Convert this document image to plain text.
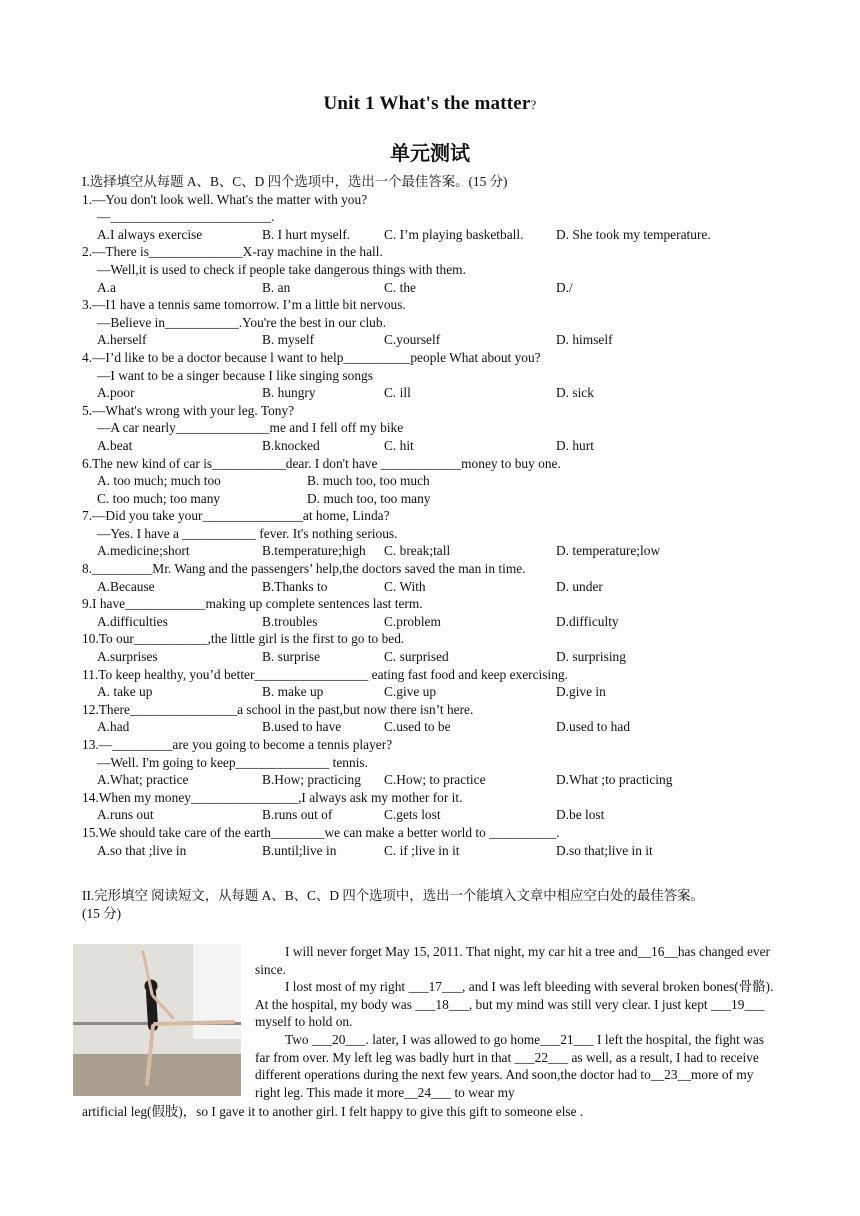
Unit 1 What's the matter?
单元测试
I.选择填空从每题 A、B、C、D 四个选项中，选出一个最佳答案。(15 分)
1.—You don't look well. What's the matter with you?
—________________________.
A.I always exercise	B. I hurt myself.	C. I’m playing basketball.	D. She took my temperature.
2.—There is______________X-ray machine in the hall.
—Well,it is used to check if people take dangerous things with them.
A.a	B. an	C. the	D./
3.—I1 have a tennis same tomorrow. I’m a little bit nervous.
—Believe in___________.You're the best in our club.
A.herself	B. myself	C.yourself	D. himself
4.—I’d like to be a doctor because l want to help__________people What about you?
—I want to be a singer because I like singing songs
A.poor	B. hungry	C. ill	D. sick
5.—What's wrong with your leg. Tony?
—A car nearly______________me and I fell off my bike
A.beat	B.knocked	C. hit	D. hurt
6.The new kind of car is___________dear. I don't have ____________money to buy one.
A. too much; much too	B. much too, too much
C. too much; too many	D. much too, too many
7.—Did you take your_______________at home, Linda?
—Yes. I have a ___________ fever. It's nothing serious.
A.medicine;short	B.temperature;high	C. break;tall	D. temperature;low
8._________Mr. Wang and the passengers’ help,the doctors saved the man in time.
A.Because	B.Thanks to	C. With	D. under
9.I have____________making up complete sentences last term.
A.difficulties	B.troubles	C.problem	D.difficulty
10.To our___________,the little girl is the first to go to bed.
A.surprises	B. surprise	C. surprised	D. surprising
11.To keep healthy, you’d better_________________ eating fast food and keep exercising.
A. take up	B. make up	C.give up	D.give in
12.There________________a school in the past,but now there isn’t here.
A.had	B.used to have	C.used to be	D.used to had
13.—_________are you going to become a tennis player?
—Well. I'm going to keep______________ tennis.
A.What; practice	B.How; practicing	C.How; to practice	D.What ;to practicing
14.When my money________________,I always ask my mother for it.
A.runs out	B.runs out of	C.gets lost	D.be lost
15.We should take care of the earth________we can make a better world to __________.
A.so that ;live in	B.until;live in	C. if ;live in it	D.so that;live in it

I will never forget May 15, 2011. That night, my car hit a tree and__16__has changed ever since.

I lost most of my right ___17___, and I was left bleeding with several broken bones(骨骼). At the hospital, my body was ___18___, but my mind was still very clear. I just kept ___19___ myself to hold on.

Two ___20___. later, I was allowed to go home___21___ I left the hospital, the fight was far from over. My left leg was badly hurt in that ___22___ as well, as a result, I had to receive different operations during the next few years. And soon,the doctor had to__23__more of my right leg. This made it more__24___ to wear my

artificial leg(假肢)，so I gave it to another girl. I felt happy to give this gift to someone else .
II.完形填空 阅读短文，从每题 A、B、C、D 四个选项中，选出一个能填入文章中相应空白处的最佳答案。
(15 分)
